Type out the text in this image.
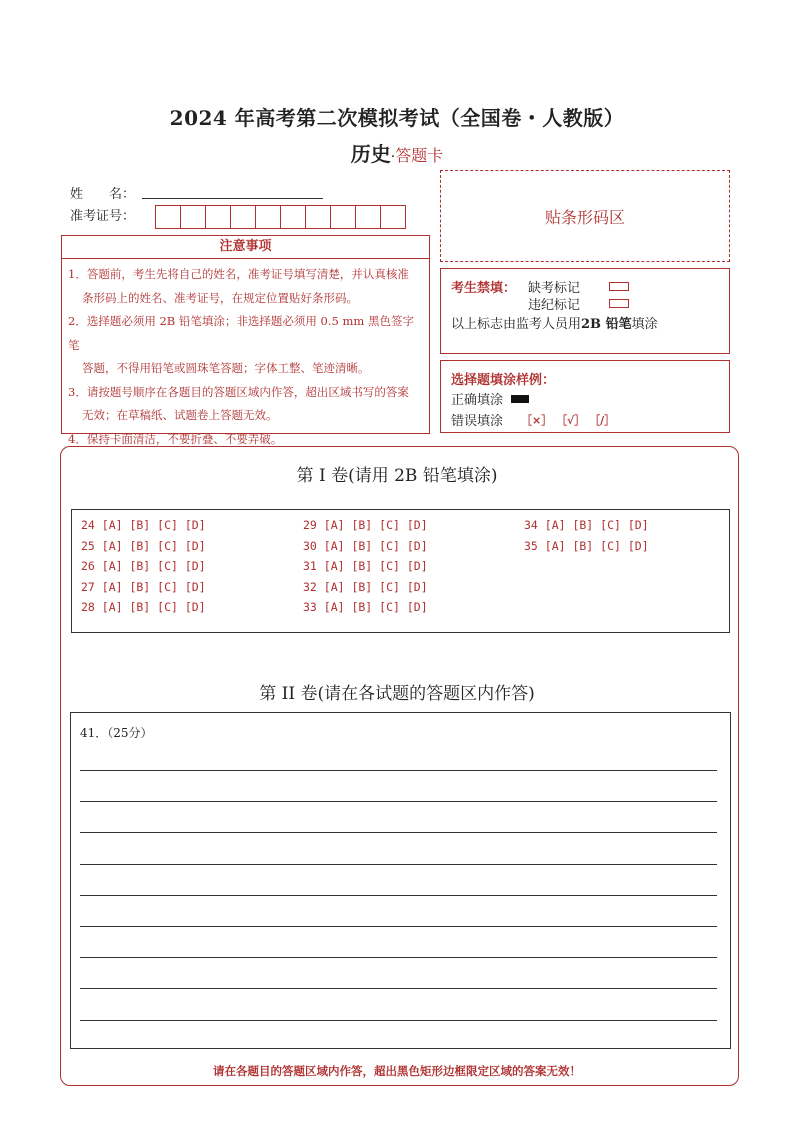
2024 年高考第二次模拟考试（全国卷・人教版）
历史·答题卡
姓　　名：
准考证号：	贴条形码区
注意事项
1．答题前，考生先将自己的姓名，准考证号填写清楚，并认真核准
条形码上的姓名、准考证号，在规定位置贴好条形码。
2．选择题必须用 2B 铅笔填涂；非选择题必须用 0.5 mm 黑色签字笔
答题，不得用铅笔或圆珠笔答题；字体工整、笔迹清晰。
3．请按题号顺序在各题目的答题区域内作答，超出区域书写的答案
无效；在草稿纸、试题卷上答题无效。
4．保持卡面清洁，不要折叠、不要弄破。
考生禁填： 缺考标记
违纪标记
以上标志由监考人员用2B 铅笔填涂
选择题填涂样例：
正确填涂
错误填涂 ［×］ ［√］ ［/］
第 I 卷(请用 2B 铅笔填涂)
24 [A] [B] [C] [D]
25 [A] [B] [C] [D]
26 [A] [B] [C] [D]
27 [A] [B] [C] [D]
28 [A] [B] [C] [D]
29 [A] [B] [C] [D]
30 [A] [B] [C] [D]
31 [A] [B] [C] [D]
32 [A] [B] [C] [D]
33 [A] [B] [C] [D]
34 [A] [B] [C] [D]
35 [A] [B] [C] [D]
第 II 卷(请在各试题的答题区内作答)
41．（25分）
请在各题目的答题区域内作答，超出黑色矩形边框限定区域的答案无效！
